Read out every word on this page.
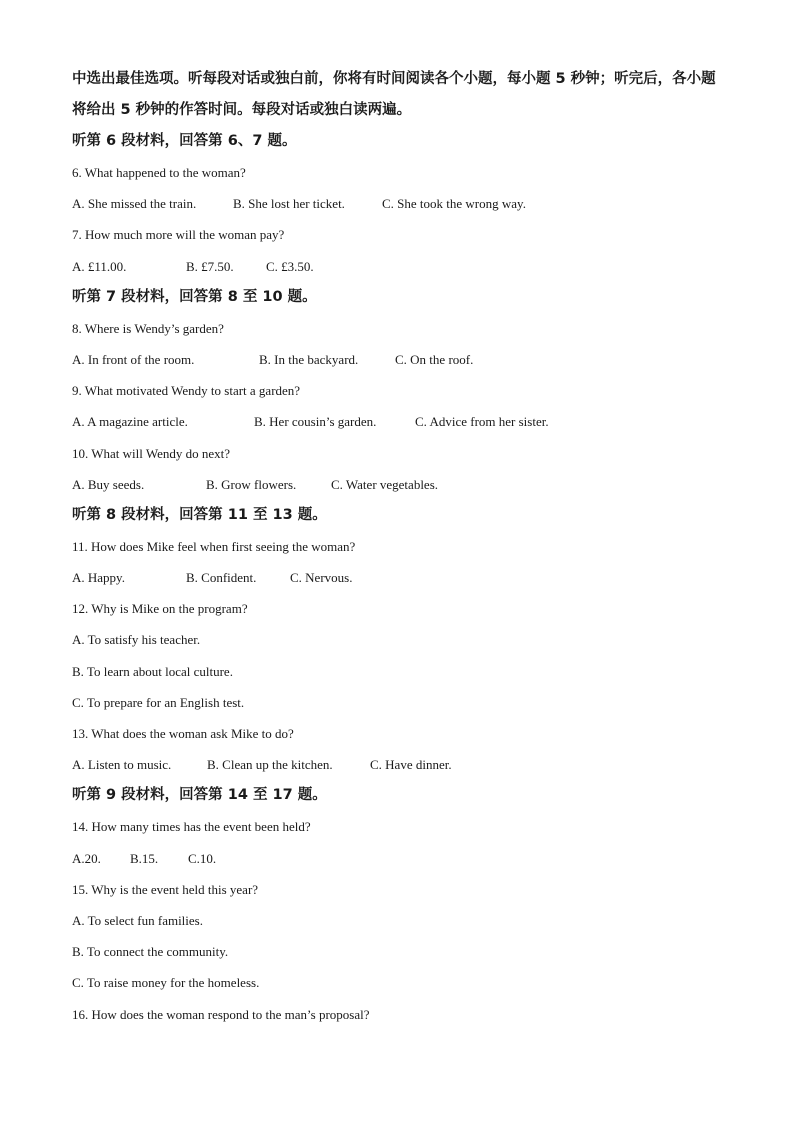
中选出最佳选项。听每段对话或独白前，你将有时间阅读各个小题，每小题 5 秒钟；听完后，各小题将给出 5 秒钟的作答时间。每段对话或独白读两遍。

听第 6 段材料，回答第 6、7 题。

6. What happened to the woman?

A. She missed the train.	B. She lost her ticket.	C. She took the wrong way.

7. How much more will the woman pay?

A. £11.00.	B. £7.50. C. £3.50.

听第 7 段材料，回答第 8 至 10 题。

8. Where is Wendy’s garden?

A. In front of the room.	B. In the backyard.	C. On the roof.

9. What motivated Wendy to start a garden?

A. A magazine article.	B. Her cousin’s garden.	C. Advice from her sister.

10. What will Wendy do next?

A. Buy seeds.	B. Grow flowers.	C. Water vegetables.

听第 8 段材料，回答第 11 至 13 题。

11. How does Mike feel when first seeing the woman?

A. Happy.	B. Confident.	C. Nervous.

12. Why is Mike on the program?

A. To satisfy his teacher.

B. To learn about local culture.

C. To prepare for an English test.

13. What does the woman ask Mike to do?

A. Listen to music.	B. Clean up the kitchen.	C. Have dinner.

听第 9 段材料，回答第 14 至 17 题。

14. How many times has the event been held?

A.20. B.15. C.10.

15. Why is the event held this year?

A. To select fun families.

B. To connect the community.

C. To raise money for the homeless.

16. How does the woman respond to the man’s proposal?
